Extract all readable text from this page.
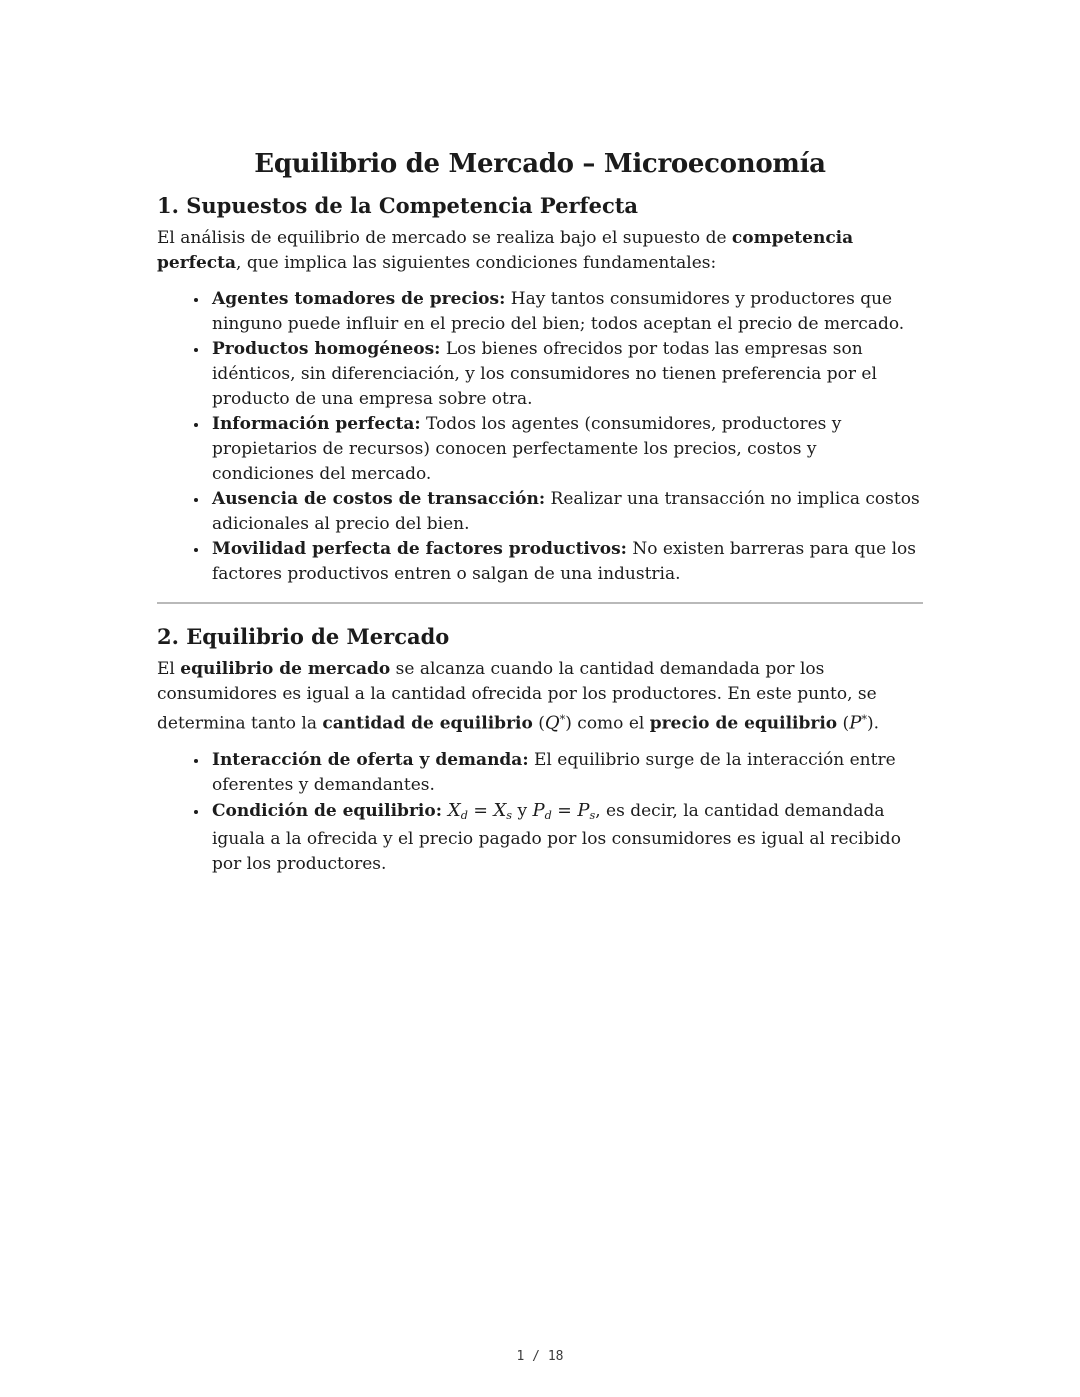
Equilibrio de Mercado – Microeconomía
1. Supuestos de la Competencia Perfecta

El análisis de equilibrio de mercado se realiza bajo el supuesto de competencia perfecta, que implica las siguientes condiciones fundamentales:

• Agentes tomadores de precios: Hay tantos consumidores y productores que ninguno puede influir en el precio del bien; todos aceptan el precio de mercado.
• Productos homogéneos: Los bienes ofrecidos por todas las empresas son idénticos, sin diferenciación, y los consumidores no tienen preferencia por el producto de una empresa sobre otra.
• Información perfecta: Todos los agentes (consumidores, productores y propietarios de recursos) conocen perfectamente los precios, costos y condiciones del mercado.
• Ausencia de costos de transacción: Realizar una transacción no implica costos adicionales al precio del bien.
• Movilidad perfecta de factores productivos: No existen barreras para que los factores productivos entren o salgan de una industria.
2. Equilibrio de Mercado

El equilibrio de mercado se alcanza cuando la cantidad demandada por los consumidores es igual a la cantidad ofrecida por los productores. En este punto, se determina tanto la cantidad de equilibrio (Q*) como el precio de equilibrio (P*).

• Interacción de oferta y demanda: El equilibrio surge de la interacción entre oferentes y demandantes.
• Condición de equilibrio: Xd = Xs y Pd = Ps, es decir, la cantidad demandada iguala a la ofrecida y el precio pagado por los consumidores es igual al recibido por los productores.
1 / 18
